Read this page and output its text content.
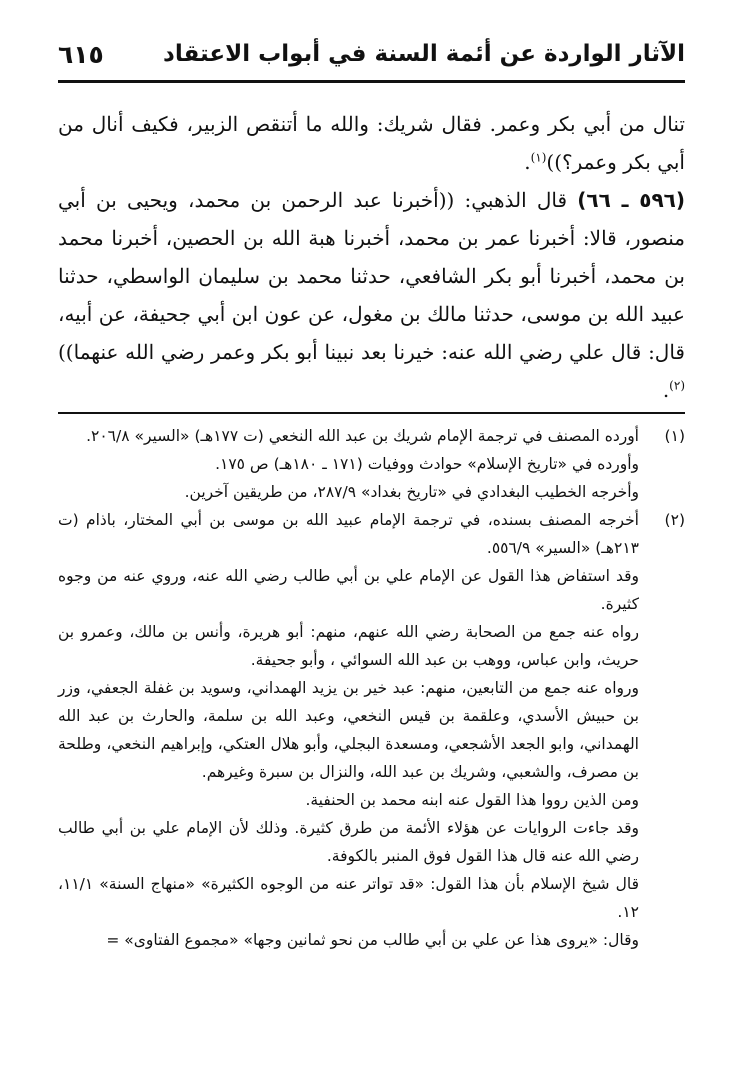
٦١٥	الآثار الواردة عن أئمة السنة في أبواب الاعتقاد

تنال من أبي بكر وعمر. فقال شريك: والله ما أتنقص الزبير، فكيف أنال من أبي بكر وعمر؟))$^{(١)}$.

(٥٩٦ ـ ٦٦) قال الذهبي: ((أخبرنا عبد الرحمن بن محمد، ويحيى بن أبي منصور، قالا: أخبرنا عمر بن محمد، أخبرنا هبة الله بن الحصين، أخبرنا محمد بن محمد، أخبرنا أبو بكر الشافعي، حدثنا محمد بن سليمان الواسطي، حدثنا عبيد الله بن موسى، حدثنا مالك بن مغول، عن عون ابن أبي جحيفة، عن أبيه، قال: قال علي رضي الله عنه: خيرنا بعد نبينا أبو بكر وعمر رضي الله عنهما))$^{(٢)}$.

(١)

أورده المصنف في ترجمة الإمام شريك بن عبد الله النخعي (ت ١٧٧هـ) «السير» ٢٠٦/٨.

وأورده في «تاريخ الإسلام» حوادث ووفيات (١٧١ ـ ١٨٠هـ) ص ١٧٥.

وأخرجه الخطيب البغدادي في «تاريخ بغداد» ٢٨٧/٩، من طريقين آخرين.

(٢)

أخرجه المصنف بسنده، في ترجمة الإمام عبيد الله بن موسى بن أبي المختار، باذام (ت ٢١٣هـ) «السير» ٥٥٦/٩.

وقد استفاض هذا القول عن الإمام علي بن أبي طالب رضي الله عنه، وروي عنه من وجوه كثيرة.

رواه عنه جمع من الصحابة رضي الله عنهم، منهم: أبو هريرة، وأنس بن مالك، وعمرو بن حريث، وابن عباس، ووهب بن عبد الله السوائي ، وأبو جحيفة.

ورواه عنه جمع من التابعين، منهم: عبد خير بن يزيد الهمداني، وسويد بن غفلة الجعفي، وزر بن حبيش الأسدي، وعلقمة بن قيس النخعي، وعبد الله بن سلمة، والحارث بن عبد الله الهمداني، وابو الجعد الأشجعي، ومسعدة البجلي، وأبو هلال العتكي، وإبراهيم النخعي، وطلحة بن مصرف، والشعبي، وشريك بن عبد الله، والنزال بن سبرة وغيرهم.

ومن الذين رووا هذا القول عنه ابنه محمد بن الحنفية.

وقد جاءت الروايات عن هؤلاء الأئمة من طرق كثيرة. وذلك لأن الإمام علي بن أبي طالب رضي الله عنه قال هذا القول فوق المنبر بالكوفة.

قال شيخ الإسلام بأن هذا القول: «قد تواتر عنه من الوجوه الكثيرة» «منهاج السنة» ١١/١، ١٢.

وقال: «يروى هذا عن علي بن أبي طالب من نحو ثمانين وجها» «مجموع الفتاوى» =
